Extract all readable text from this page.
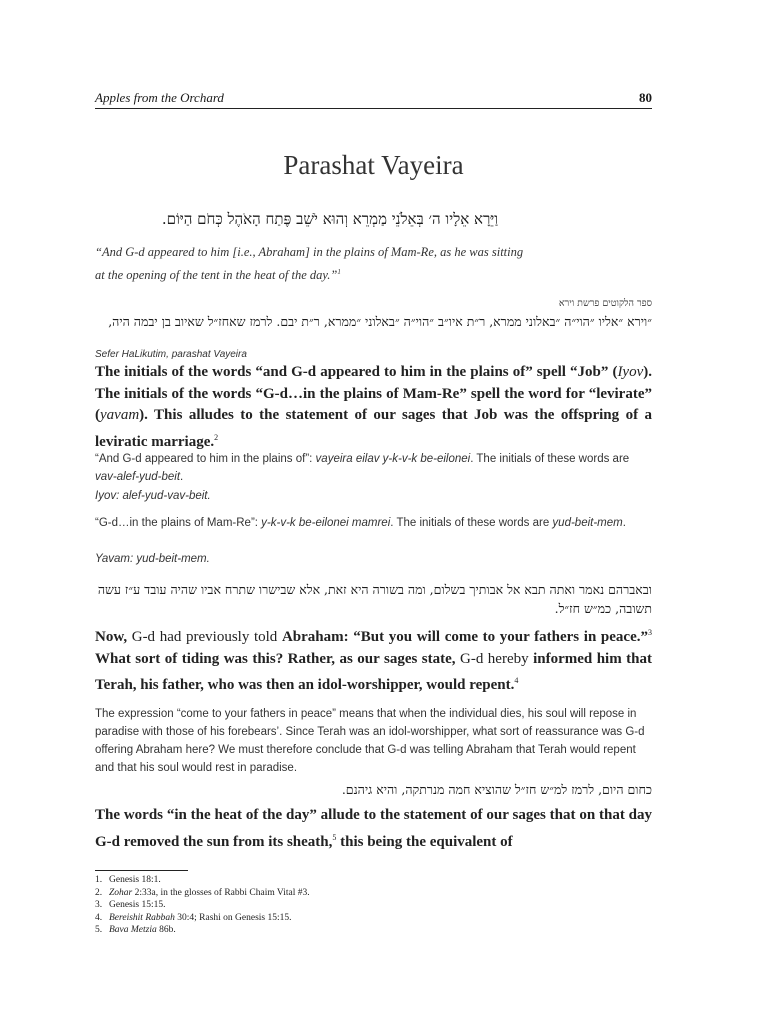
Apples from the Orchard	80
Parashat Vayeira
וַיֵּרָא אֵלָיו ה׳ בְּאֵלֹנֵי מַמְרֵא וְהוּא יֹשֵׁב פֶּתַח הָאֹהֶל כְּחֹם הַיּוֹם.
“And G-d appeared to him [i.e., Abraham] in the plains of Mam-Re, as he was sitting at the opening of the tent in the heat of the day.”$^1$
ספר הלקוטים פרשת וירא
״וירא ״אליו ״הוי״ה ״באלוני ממרא, ר״ת איו״ב ״הוי״ה ״באלוני ״ממרא, ר״ת יבם. לרמז שאחז״ל שאיוב בן יבמה היה,
Sefer HaLikutim, parashat Vayeira
The initials of the words “and G-d appeared to him in the plains of” spell “Job” (Iyov). The initials of the words “G-d…in the plains of Mam-Re” spell the word for “levirate” (yavam). This alludes to the statement of our sages that Job was the offspring of a leviratic marriage.$^2$
“And G-d appeared to him in the plains of”: vayeira eilav y-k-v-k be-eilonei. The initials of these words are vav-alef-yud-beit.
Iyov: alef-yud-vav-beit.
“G-d…in the plains of Mam-Re”: y-k-v-k be-eilonei mamrei. The initials of these words are yud-beit-mem.
Yavam: yud-beit-mem.
ובאברהם נאמר ואתה תבא אל אבותיך בשלום, ומה בשורה היא זאת, אלא שבישרו שתרח אביו שהיה עובד ע״ז עשה תשובה, כמ״ש חז״ל.
Now, G-d had previously told Abraham: “But you will come to your fathers in peace.”$^3$ What sort of tiding was this? Rather, as our sages state, G-d hereby informed him that Terah, his father, who was then an idol-worshipper, would repent.$^4$
The expression “come to your fathers in peace” means that when the individual dies, his soul will repose in paradise with those of his forebears’. Since Terah was an idol-worshipper, what sort of reassurance was G-d offering Abraham here? We must therefore conclude that G-d was telling Abraham that Terah would repent and that his soul would rest in paradise.
כחום היום, לרמז למ״ש חז״ל שהוציא חמה מנרתקה, והיא גיהנם.
The words “in the heat of the day” allude to the statement of our sages that on that day G-d removed the sun from its sheath,$^5$ this being the equivalent of
1. Genesis 18:1.
2. Zohar 2:33a, in the glosses of Rabbi Chaim Vital #3.
3. Genesis 15:15.
4. Bereishit Rabbah 30:4; Rashi on Genesis 15:15.
5. Bava Metzia 86b.
